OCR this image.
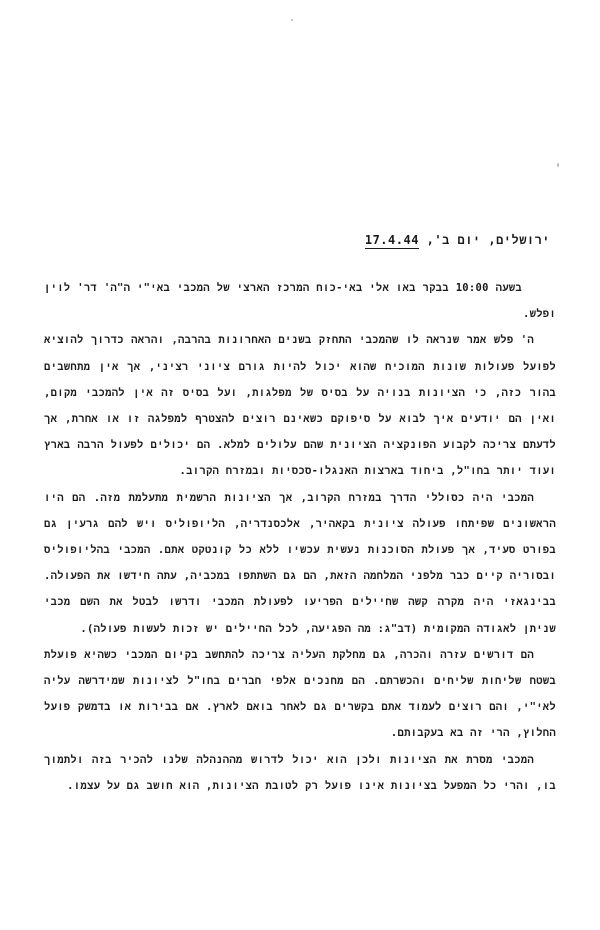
ירושלים, יום ב', 17.4.44

בשעה 10:00 בבקר באו אלי באי-כוח המרכז הארצי של המכבי באי"י ה"ה' דר' לוין ופלש.

ה' פלש אמר שנראה לו שהמכבי התחזק בשנים האחרונות בהרבה, והראה כדרוך להוציא לפועל פעולות שונות המוכיח שהוא יכול להיות גורם ציוני רציני, אך אין מתחשבים בהור כזה, כי הציונות בנויה על בסיס של מפלגות, ועל בסיס זה אין להמכבי מקום, ואין הם יודעים איך לבוא על סיפוקם כשאינם רוצים להצטרף למפלגה זו או אחרת, אך לדעתם צריכה לקבוע הפונקציה הציונית שהם עלולים למלא. הם יכולים לפעול הרבה בארץ ועוד יותר בחו"ל, ביחוד בארצות האנגלו-סכסיות ובמזרח הקרוב.

המכבי היה כסוללי הדרך במזרח הקרוב, אך הציונות הרשמית מתעלמת מזה. הם היו הראשונים שפיתחו פעולה ציונית בקאהיר, אלכסנדריה, הליופוליס ויש להם גרעין גם בפורט סעיד, אך פעולת הסוכנות נעשית עכשיו ללא כל קונטקט אתם. המכבי בהליופוליס ובסוריה קיים כבר מלפני המלחמה הזאת, הם גם השתתפו במכביה, עתה חידשו את הפעולה. בבינגאזי היה מקרה קשה שחיילים הפריעו לפעולת המכבי ודרשו לבטל את השם מכבי שניתן לאגודה המקומית (דב"ג: מה הפגיעה, לכל החיילים יש זכות לעשות פעולה).

הם דורשים עזרה והכרה, גם מחלקת העליה צריכה להתחשב בקיום המכבי כשהיא פועלת בשטח שליחות שליחים והכשרתם. הם מחנכים אלפי חברים בחו"ל לציונות שמידרשה עליה לאי"י, והם רוצים לעמוד אתם בקשרים גם לאחר בואם לארץ. אם בבירות או בדמשק פועל החלוץ, הרי זה בא בעקבותם.

המכבי מסרת את הציונות ולכן הוא יכול לדרוש מההנהלה שלנו להכיר בזה ולתמוך בו, והרי כל המפעל בציונות אינו פועל רק לטובת הציונות, הוא חושב גם על עצמו.
